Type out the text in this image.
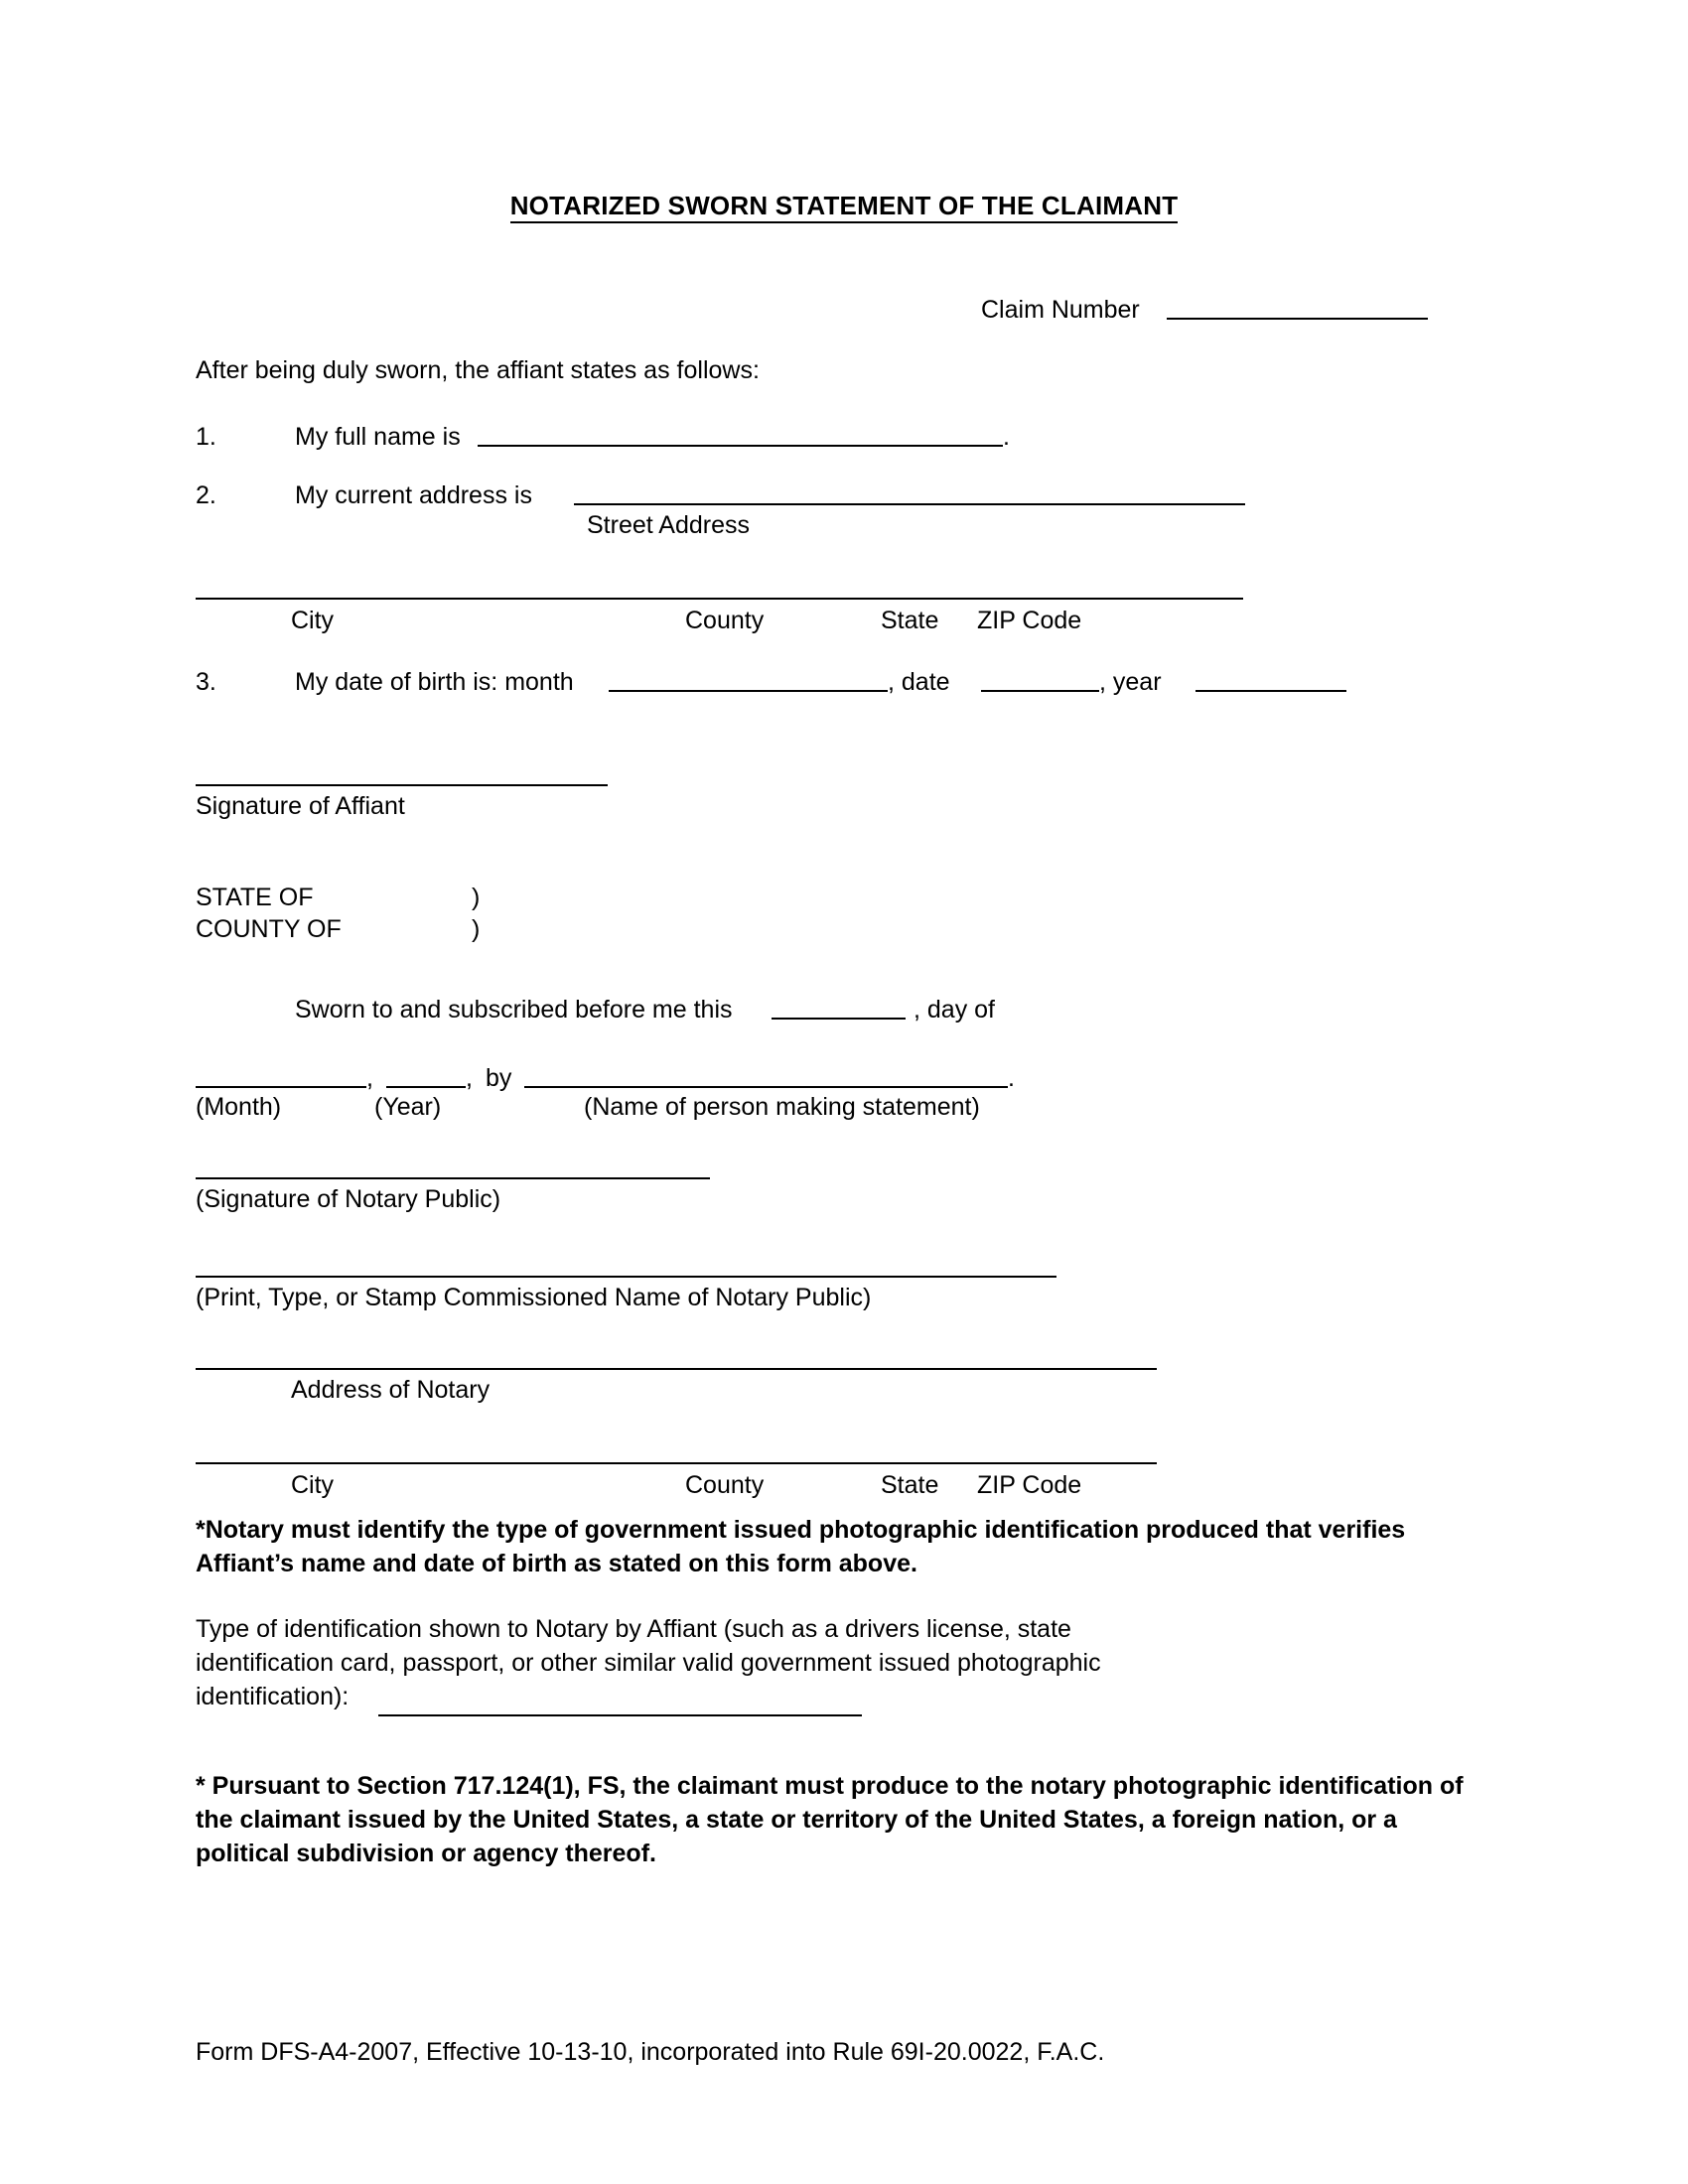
NOTARIZED SWORN STATEMENT OF THE CLAIMANT
Claim Number
After being duly sworn, the affiant states as follows:
1.	My full name is	.
2.	My current address is
Street Address
City	County	State ZIP Code
3.	My date of birth is: month	, date	, year
Signature of Affiant
STATE OF	)
COUNTY OF	)
Sworn to and subscribed before me this	, day of
,	, by	.
(Month)	(Year)	(Name of person making statement)
(Signature of Notary Public)
(Print, Type, or Stamp Commissioned Name of Notary Public)
Address of Notary
City	County	State ZIP Code
*Notary must identify the type of government issued photographic identification produced that verifies Affiant’s name and date of birth as stated on this form above.
Type of identification shown to Notary by Affiant (such as a drivers license, state identification card, passport, or other similar valid government issued photographic identification):
* Pursuant to Section 717.124(1), FS, the claimant must produce to the notary photographic identification of the claimant issued by the United States, a state or territory of the United States, a foreign nation, or a political subdivision or agency thereof.
Form DFS-A4-2007, Effective 10-13-10, incorporated into Rule 69I-20.0022, F.A.C.
